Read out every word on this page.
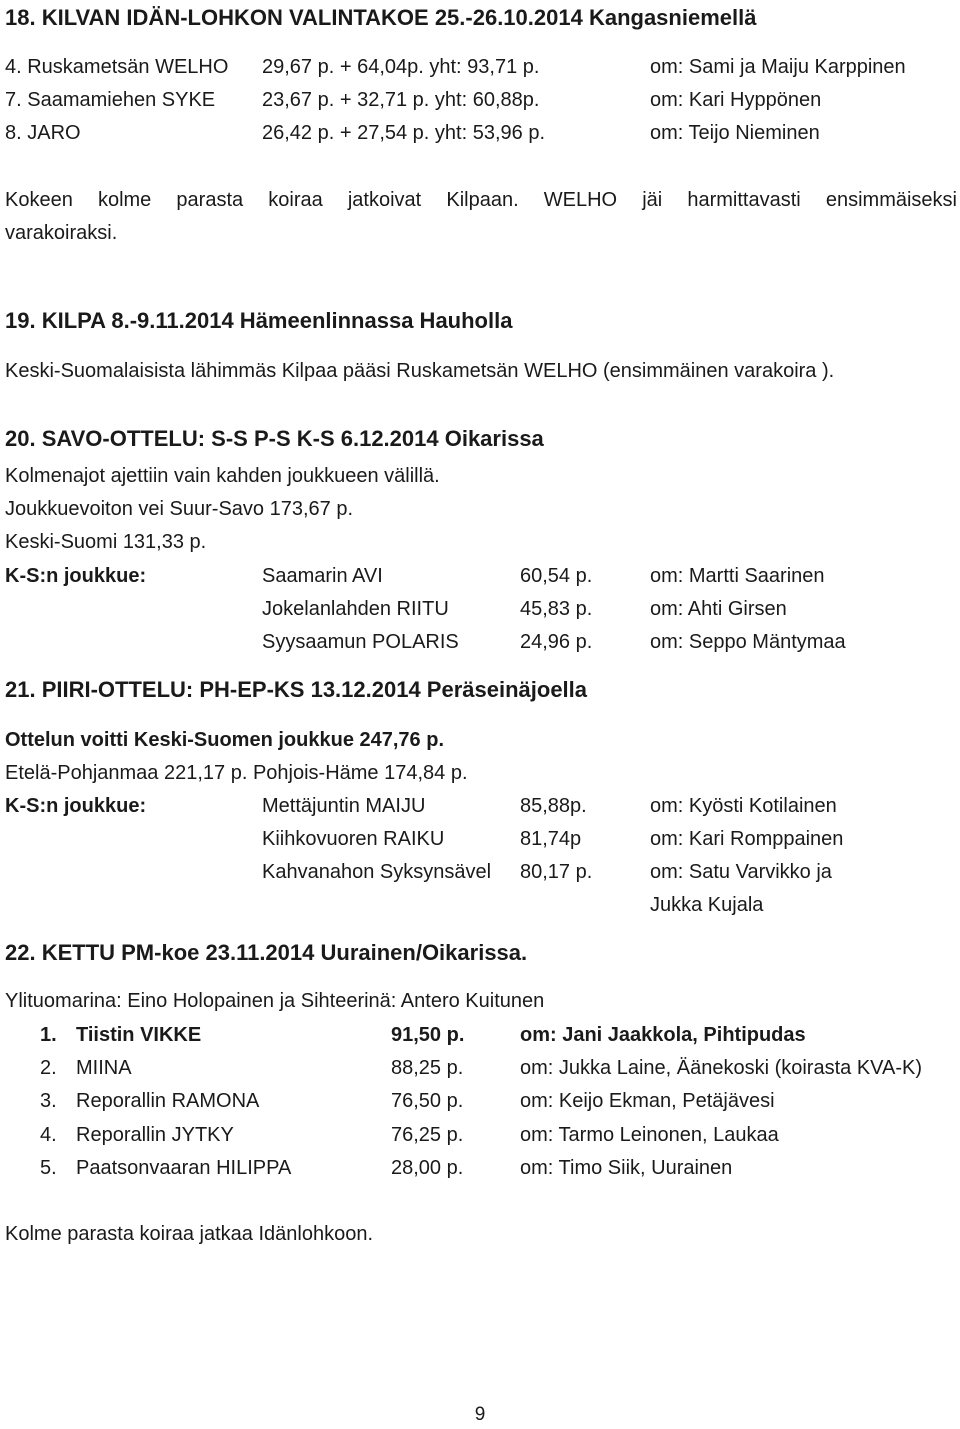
18. KILVAN IDÄN-LOHKON VALINTAKOE 25.-26.10.2014 Kangasniemellä
4. Ruskametsän WELHO 29,67 p. + 64,04p. yht: 93,71 p.	om: Sami ja Maiju Karppinen
7. Saamamiehen SYKE 23,67 p. + 32,71 p. yht: 60,88p.	om: Kari Hyppönen
8. JARO	26,42 p. + 27,54 p. yht: 53,96 p.	om: Teijo Nieminen
Kokeen kolme parasta koiraa jatkoivat Kilpaan. WELHO jäi harmittavasti ensimmäiseksi
varakoiraksi.
19. KILPA 8.-9.11.2014 Hämeenlinnassa Hauholla
Keski-Suomalaisista lähimmäs Kilpaa pääsi Ruskametsän WELHO (ensimmäinen varakoira ).
20. SAVO-OTTELU: S-S P-S K-S 6.12.2014 Oikarissa
Kolmenajot ajettiin vain kahden joukkueen välillä.
Joukkuevoiton vei Suur-Savo 173,67 p.
Keski-Suomi 131,33 p.
K-S:n joukkue:	Saamarin AVI	60,54 p.	om: Martti Saarinen
Jokelanlahden RIITU	45,83 p.	om: Ahti Girsen
Syysaamun POLARIS	24,96 p.	om: Seppo Mäntymaa
21. PIIRI-OTTELU: PH-EP-KS 13.12.2014 Peräseinäjoella
Ottelun voitti Keski-Suomen joukkue 247,76 p.
Etelä-Pohjanmaa 221,17 p. Pohjois-Häme 174,84 p.
K-S:n joukkue:	Mettäjuntin MAIJU	85,88p.	om: Kyösti Kotilainen
Kiihkovuoren RAIKU	81,74p	om: Kari Romppainen
Kahvanahon Syksynsävel 80,17 p.	om: Satu Varvikko ja
Jukka Kujala
22. KETTU PM-koe 23.11.2014 Uurainen/Oikarissa.
Ylituomarina: Eino Holopainen ja Sihteerinä: Antero Kuitunen
1. Tiistin VIKKE	91,50 p.	om: Jani Jaakkola, Pihtipudas
2. MIINA	88,25 p.	om: Jukka Laine, Äänekoski (koirasta KVA-K)
3. Reporallin RAMONA	76,50 p.	om: Keijo Ekman, Petäjävesi
4. Reporallin JYTKY	76,25 p.	om: Tarmo Leinonen, Laukaa
5. Paatsonvaaran HILIPPA	28,00 p.	om: Timo Siik, Uurainen
Kolme parasta koiraa jatkaa Idänlohkoon.
9
